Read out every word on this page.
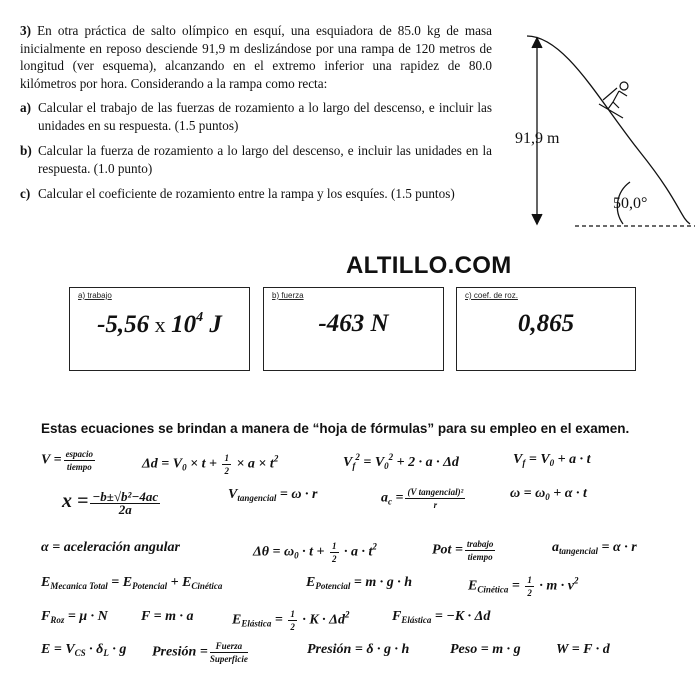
3) En otra práctica de salto olímpico en esquí, una esquiadora de 85.0 kg de masa inicialmente en reposo desciende 91,9 m deslizándose por una rampa de 120 metros de longitud (ver esquema), alcanzando en el extremo inferior una rapidez de 80.0 kilómetros por hora. Considerando a la rampa como recta:

a) Calcular el trabajo de las fuerzas de rozamiento a lo largo del descenso, e incluir las unidades en su respuesta. (1.5 puntos)
b) Calcular la fuerza de rozamiento a lo largo del descenso, e incluir las unidades en la respuesta. (1.0 punto)
c) Calcular el coeficiente de rozamiento entre la rampa y los esquíes. (1.5 puntos)
91,9 m
50,0°
ALTILLO.COM
a) trabajo
-5,56 x $10^4$ J
b) fuerza
-463 N
c) coef. de roz.
0,865
Estas ecuaciones se brindan a manera de “hoja de fórmulas” para su empleo en el examen.
V = espacio
tiempo	$\Delta d = V_0 \times t + \frac{1}{2} \times a \times t^2$	$V_f^2 = V_0^2 + 2 \cdot a \cdot \Delta d$	$V_f = V_0 + a \cdot t$
$x = \frac{\text{−b±√b²−4ac}}{2a}$	$V_{tangencial} = \omega \cdot r$	$a_c = (V$ tangencial)²
r
$\omega = \omega_0 + \alpha \cdot t$
α = aceleración angular	$\Delta\theta = \omega_0 \cdot t + \frac{1}{2} \cdot a \cdot t^2$	Pot = trabajo
tiempo
$a_{tangencial} = \alpha \cdot r$
$E_{Mecanica Total} = E_{Potencial} + E_{Cinética}$	$E_{Potencial} = m \cdot g \cdot h$	$E_{Cinética} = \frac{1}{2} \cdot m \cdot v^2$
$F_{Roz} = \mu \cdot N$ F = m · a	$E_{Elástica} = \frac{1}{2} \cdot K \cdot \Delta d^2$	$F_{Elástica} = -K \cdot \Delta d$
$E = V_{CS} \cdot \delta_L \cdot g$ Presión = Fuerza
Superficie
Presión = δ · g · h	Peso = m · g	W = F · d
